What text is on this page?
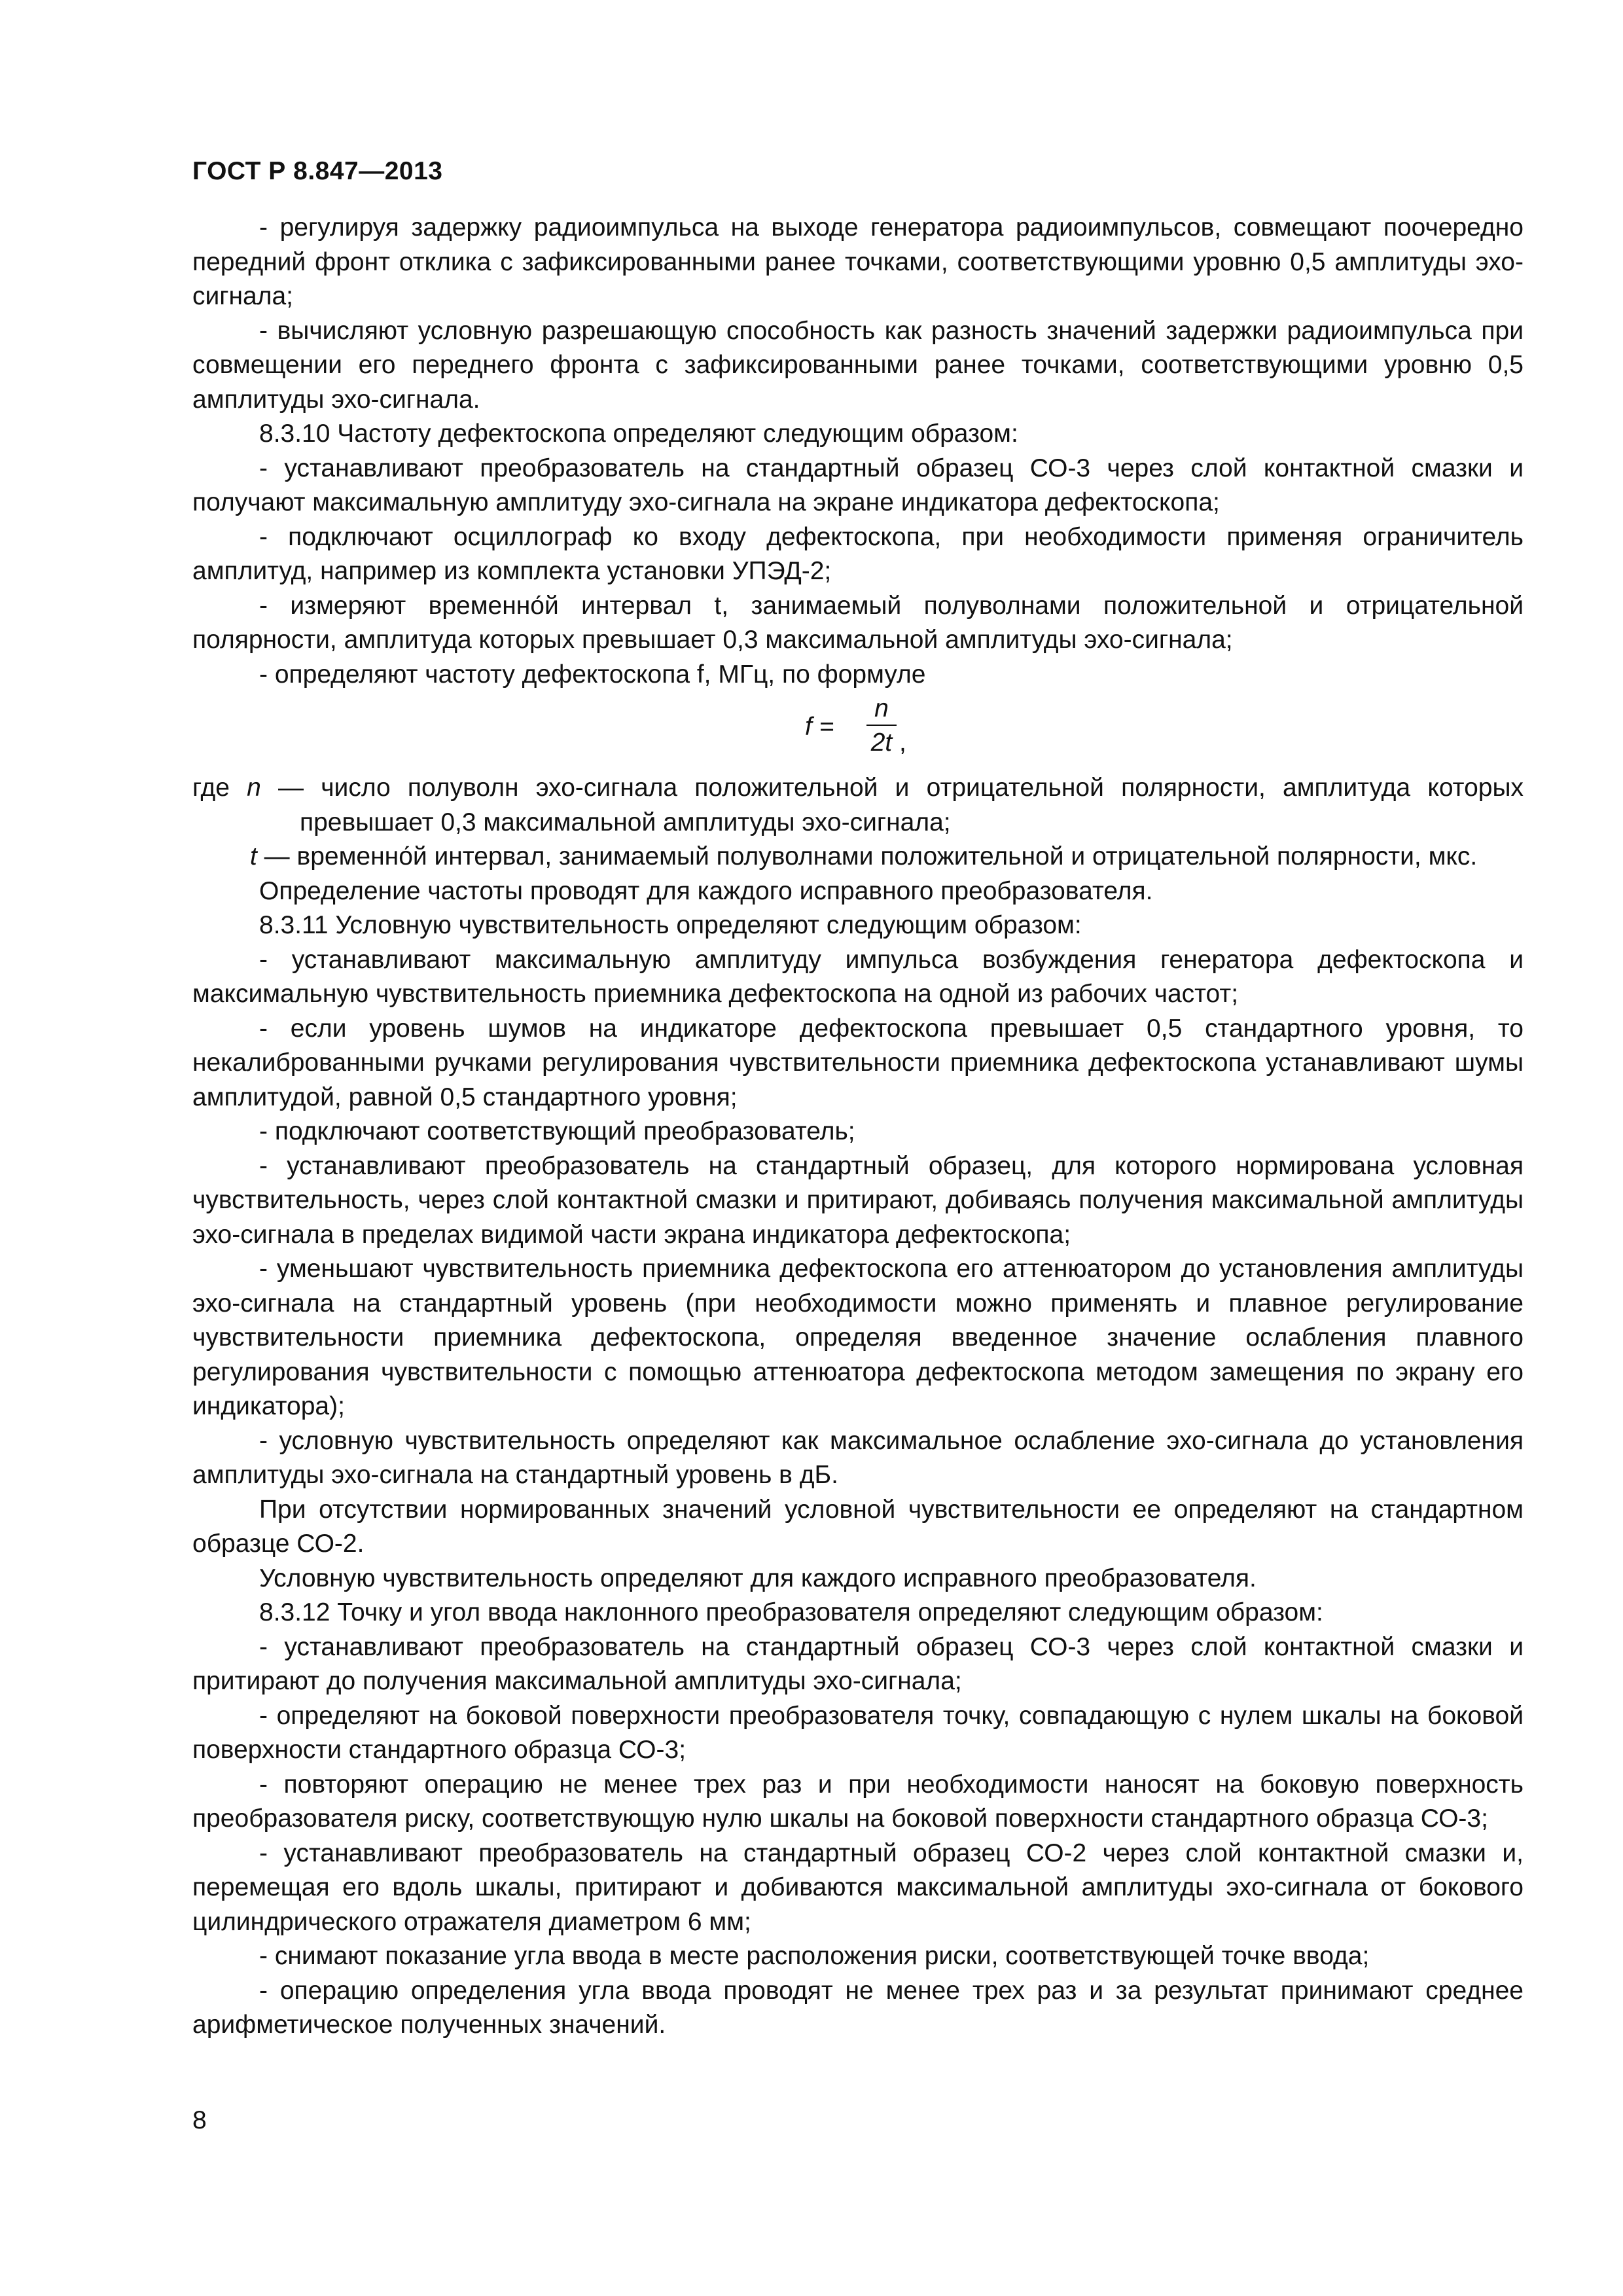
ГОСТ Р 8.847—2013

- регулируя задержку радиоимпульса на выходе генератора радиоимпульсов, совмещают поочередно передний фронт отклика с зафиксированными ранее точками, соответствующими уровню 0,5 амплитуды эхо-сигнала;

- вычисляют условную разрешающую способность как разность значений задержки радиоимпульса при совмещении его переднего фронта с зафиксированными ранее точками, соответствующими уровню 0,5 амплитуды эхо-сигнала.

8.3.10 Частоту дефектоскопа определяют следующим образом:

- устанавливают преобразователь на стандартный образец СО-3 через слой контактной смазки и получают максимальную амплитуду эхо-сигнала на экране индикатора дефектоскопа;

- подключают осциллограф ко входу дефектоскопа, при необходимости применяя ограничитель амплитуд, например из комплекта установки УПЭД-2;

- измеряют временно́й интервал t, занимаемый полуволнами положительной и отрицательной полярности, амплитуда которых превышает 0,3 максимальной амплитуды эхо-сигнала;

- определяют частоту дефектоскопа f, МГц, по формуле

f =
n
2t ,

где n — число полуволн эхо-сигнала положительной и отрицательной полярности, амплитуда которых превышает 0,3 максимальной амплитуды эхо-сигнала;

t — временно́й интервал, занимаемый полуволнами положительной и отрицательной полярности, мкс.

Определение частоты проводят для каждого исправного преобразователя.

8.3.11 Условную чувствительность определяют следующим образом:

- устанавливают максимальную амплитуду импульса возбуждения генератора дефектоскопа и максимальную чувствительность приемника дефектоскопа на одной из рабочих частот;

- если уровень шумов на индикаторе дефектоскопа превышает 0,5 стандартного уровня, то некалиброванными ручками регулирования чувствительности приемника дефектоскопа устанавливают шумы амплитудой, равной 0,5 стандартного уровня;

- подключают соответствующий преобразователь;

- устанавливают преобразователь на стандартный образец, для которого нормирована условная чувствительность, через слой контактной смазки и притирают, добиваясь получения максимальной амплитуды эхо-сигнала в пределах видимой части экрана индикатора дефектоскопа;

- уменьшают чувствительность приемника дефектоскопа его аттенюатором до установления амплитуды эхо-сигнала на стандартный уровень (при необходимости можно применять и плавное регулирование чувствительности приемника дефектоскопа, определяя введенное значение ослабления плавного регулирования чувствительности с помощью аттенюатора дефектоскопа методом замещения по экрану его индикатора);

- условную чувствительность определяют как максимальное ослабление эхо-сигнала до установления амплитуды эхо-сигнала на стандартный уровень в дБ.

При отсутствии нормированных значений условной чувствительности ее определяют на стандартном образце СО-2.

Условную чувствительность определяют для каждого исправного преобразователя.

8.3.12 Точку и угол ввода наклонного преобразователя определяют следующим образом:

- устанавливают преобразователь на стандартный образец СО-3 через слой контактной смазки и притирают до получения максимальной амплитуды эхо-сигнала;

- определяют на боковой поверхности преобразователя точку, совпадающую с нулем шкалы на боковой поверхности стандартного образца СО-3;

- повторяют операцию не менее трех раз и при необходимости наносят на боковую поверхность преобразователя риску, соответствующую нулю шкалы на боковой поверхности стандартного образца СО-3;

- устанавливают преобразователь на стандартный образец СО-2 через слой контактной смазки и, перемещая его вдоль шкалы, притирают и добиваются максимальной амплитуды эхо-сигнала от бокового цилиндрического отражателя диаметром 6 мм;

- снимают показание угла ввода в месте расположения риски, соответствующей точке ввода;

- операцию определения угла ввода проводят не менее трех раз и за результат принимают среднее арифметическое полученных значений.

8
